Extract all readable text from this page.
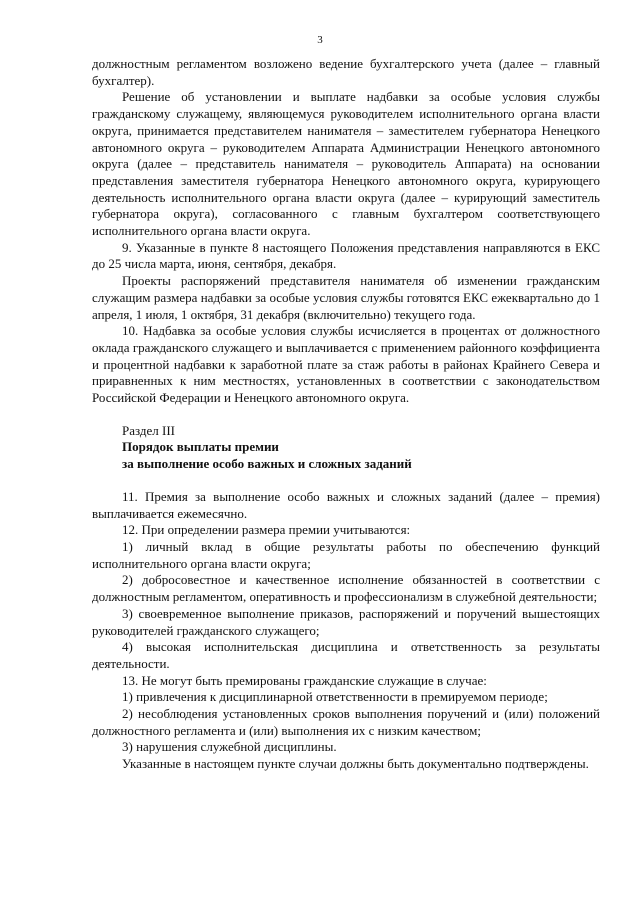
3

должностным регламентом возложено ведение бухгалтерского учета (далее – главный бухгалтер).

Решение об установлении и выплате надбавки за особые условия службы гражданскому служащему, являющемуся руководителем исполнительного органа власти округа, принимается представителем нанимателя – заместителем губернатора Ненецкого автономного округа – руководителем Аппарата Администрации Ненецкого автономного округа (далее – представитель нанимателя – руководитель Аппарата) на основании представления заместителя губернатора Ненецкого автономного округа, курирующего деятельность исполнительного органа власти округа (далее – курирующий заместитель губернатора округа), согласованного с главным бухгалтером соответствующего исполнительного органа власти округа.

9. Указанные в пункте 8 настоящего Положения представления направляются в ЕКС до 25 числа марта, июня, сентября, декабря.

Проекты распоряжений представителя нанимателя об изменении гражданским служащим размера надбавки за особые условия службы готовятся ЕКС ежеквартально до 1 апреля, 1 июля, 1 октября, 31 декабря (включительно) текущего года.

10. Надбавка за особые условия службы исчисляется в процентах от должностного оклада гражданского служащего и выплачивается с применением районного коэффициента и процентной надбавки к заработной плате за стаж работы в районах Крайнего Севера и приравненных к ним местностях, установленных в соответствии с законодательством Российской Федерации и Ненецкого автономного округа.

Раздел III

Порядок выплаты премии

за выполнение особо важных и сложных заданий

11. Премия за выполнение особо важных и сложных заданий (далее – премия) выплачивается ежемесячно.

12. При определении размера премии учитываются:

1) личный вклад в общие результаты работы по обеспечению функций исполнительного органа власти округа;

2) добросовестное и качественное исполнение обязанностей в соответствии с должностным регламентом, оперативность и профессионализм в служебной деятельности;

3) своевременное выполнение приказов, распоряжений и поручений вышестоящих руководителей гражданского служащего;

4) высокая исполнительская дисциплина и ответственность за результаты деятельности.

13. Не могут быть премированы гражданские служащие в случае:

1) привлечения к дисциплинарной ответственности в премируемом периоде;

2) несоблюдения установленных сроков выполнения поручений и (или) положений должностного регламента и (или) выполнения их с низким качеством;

3) нарушения служебной дисциплины.

Указанные в настоящем пункте случаи должны быть документально подтверждены.
